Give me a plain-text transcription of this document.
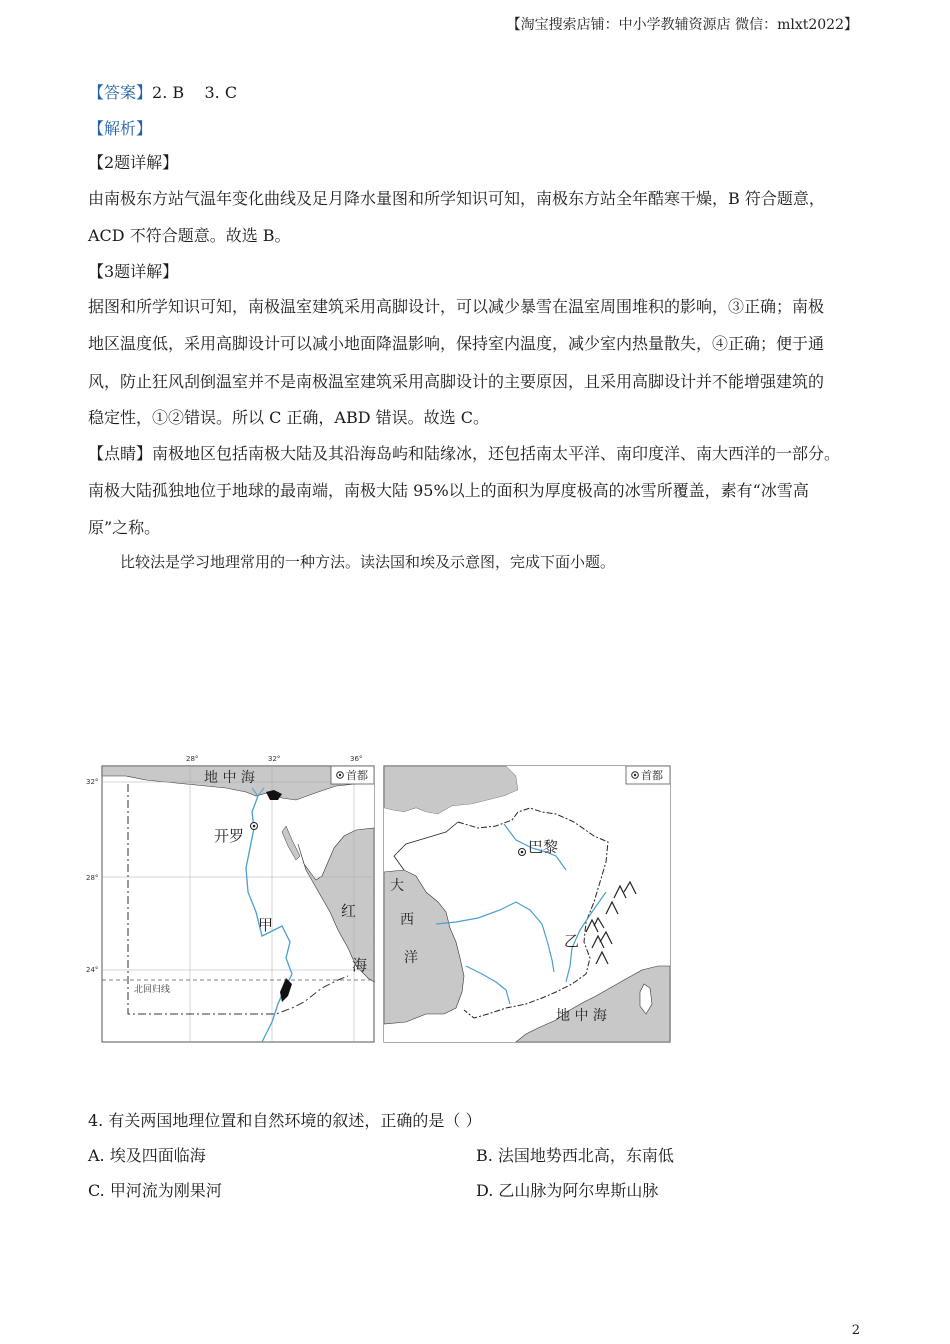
【淘宝搜索店铺：中小学教辅资源店 微信：mlxt2022】
【答案】2. B    3. C
【解析】
【2题详解】
由南极东方站气温年变化曲线及足月降水量图和所学知识可知，南极东方站全年酷寒干燥，B 符合题意，
ACD 不符合题意。故选 B。
【3题详解】
据图和所学知识可知，南极温室建筑采用高脚设计，可以减少暴雪在温室周围堆积的影响，③正确；南极
地区温度低，采用高脚设计可以减小地面降温影响，保持室内温度，减少室内热量散失，④正确；便于通
风，防止狂风刮倒温室并不是南极温室建筑采用高脚设计的主要原因，且采用高脚设计并不能增强建筑的
稳定性，①②错误。所以 C 正确，ABD 错误。故选 C。
【点睛】南极地区包括南极大陆及其沿海岛屿和陆缘冰，还包括南太平洋、南印度洋、南大西洋的一部分。
南极大陆孤独地位于地球的最南端，南极大陆 95%以上的面积为厚度极高的冰雪所覆盖，素有“冰雪高
原”之称。
比较法是学习地理常用的一种方法。读法国和埃及示意图，完成下面小题。
28°	32°	36°
32°
28°
24°
北回归线
地 中 海
开罗
甲
红
海
首都
巴黎
大
西
洋
乙
地 中 海
首都
4. 有关两国地理位置和自然环境的叙述，正确的是（ ）
A. 埃及四面临海	B. 法国地势西北高，东南低
C. 甲河流为刚果河	D. 乙山脉为阿尔卑斯山脉
2
